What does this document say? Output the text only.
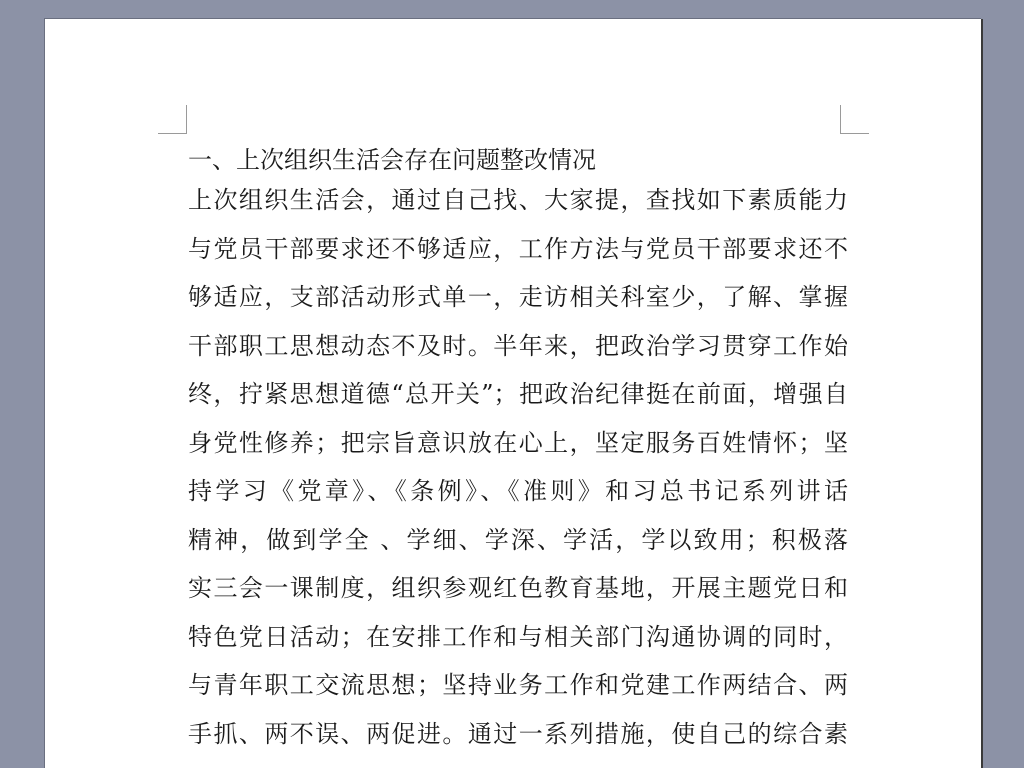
一、上次组织生活会存在问题整改情况

上次组织生活会，通过自己找、大家提，查找如下素质能力

与党员干部要求还不够适应，工作方法与党员干部要求还不

够适应，支部活动形式单一，走访相关科室少，了解、掌握

干部职工思想动态不及时。半年来，把政治学习贯穿工作始

终，拧紧思想道德“总开关”；把政治纪律挺在前面，增强自

身党性修养；把宗旨意识放在心上，坚定服务百姓情怀；坚

持学习《党章》、《条例》、《准则》和习总书记系列讲话

精神，做到学全 、学细、学深、学活，学以致用；积极落

实三会一课制度，组织参观红色教育基地，开展主题党日和

特色党日活动；在安排工作和与相关部门沟通协调的同时，

与青年职工交流思想；坚持业务工作和党建工作两结合、两

手抓、两不误、两促进。通过一系列措施，使自己的综合素
